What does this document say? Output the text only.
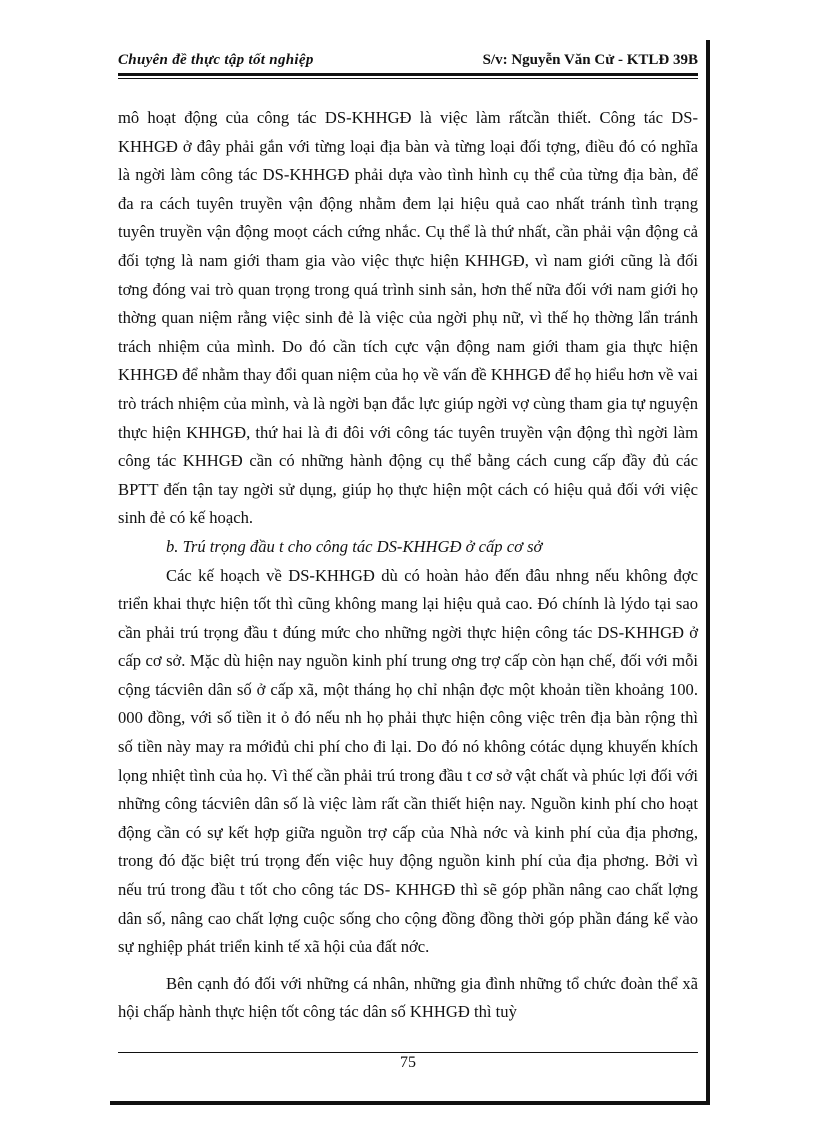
Chuyên đề thực tập tốt nghiệp	S/v: Nguyễn Văn Cử - KTLĐ 39B

mô hoạt động của công tác DS-KHHGĐ là việc làm rấtcần thiết. Công tác DS-KHHGĐ ở đây phải gắn với từng loại địa bàn và từng loại đối tợng, điều đó có nghĩa là ngời làm công tác DS-KHHGĐ phải dựa vào tình hình cụ thể của từng địa bàn, để đa ra cách tuyên truyền vận động nhằm đem lại hiệu quả cao nhất tránh tình trạng tuyên truyền vận động moọt cách cứng nhắc. Cụ thể là thứ nhất, cần phải vận động cả đối tợng là nam giới tham gia vào việc thực hiện KHHGĐ, vì nam giới cũng là đối tơng đóng vai trò quan trọng trong quá trình sinh sản, hơn thế nữa đối với nam giới họ thờng quan niệm rằng việc sinh đẻ là việc của ngời phụ nữ, vì thế họ thờng lẩn tránh trách nhiệm của mình. Do đó cần tích cực vận động nam giới tham gia thực hiện KHHGĐ để nhằm thay đổi quan niệm của họ về vấn đề KHHGĐ để họ hiểu hơn về vai trò trách nhiệm của mình, và là ngời bạn đắc lực giúp ngời vợ cùng tham gia tự nguyện thực hiện KHHGĐ, thứ hai là đi đôi với công tác tuyên truyền vận động thì ngời làm công tác KHHGĐ cần có những hành động cụ thể bằng cách cung cấp đầy đủ các BPTT đến tận tay ngời sử dụng, giúp họ thực hiện một cách có hiệu quả đối với việc sinh đẻ có kế hoạch.

b. Trú trọng đầu t cho công tác DS-KHHGĐ ở cấp cơ sở

Các kế hoạch về DS-KHHGĐ dù có hoàn hảo đến đâu nhng nếu không đợc triển khai thực hiện tốt thì cũng không mang lại hiệu quả cao. Đó chính là lýdo tại sao cần phải trú trọng đầu t đúng mức cho những ngời thực hiện công tác DS-KHHGĐ ở cấp cơ sở. Mặc dù hiện nay nguồn kinh phí trung ơng trợ cấp còn hạn chế, đối với mỗi cộng tácviên dân số ở cấp xã, một tháng họ chỉ nhận đợc một khoản tiền khoảng 100. 000 đồng, với số tiền it ỏ đó nếu nh họ phải thực hiện công việc trên địa bàn rộng thì số tiền này may ra mớiđủ chi phí cho đi lại. Do đó nó không cótác dụng khuyến khích lọng nhiệt tình của họ. Vì thế cần phải trú trong đầu t cơ sở vật chất và phúc lợi đối với những công tácviên dân số là việc làm rất cần thiết hiện nay. Nguồn kinh phí cho hoạt động cần có sự kết hợp giữa nguồn trợ cấp của Nhà nớc và kinh phí của địa phơng, trong đó đặc biệt trú trọng đến việc huy động nguồn kinh phí của địa phơng. Bởi vì nếu trú trong đầu t tốt cho công tác DS- KHHGĐ thì sẽ góp phần nâng cao chất lợng dân số, nâng cao chất lợng cuộc sống cho cộng đồng đồng thời góp phần đáng kể vào sự nghiệp phát triển kinh tế xã hội của đất nớc.

Bên cạnh đó đối với những cá nhân, những gia đình những tổ chức đoàn thể xã hội chấp hành thực hiện tốt công tác dân số KHHGĐ thì tuỳ

75
